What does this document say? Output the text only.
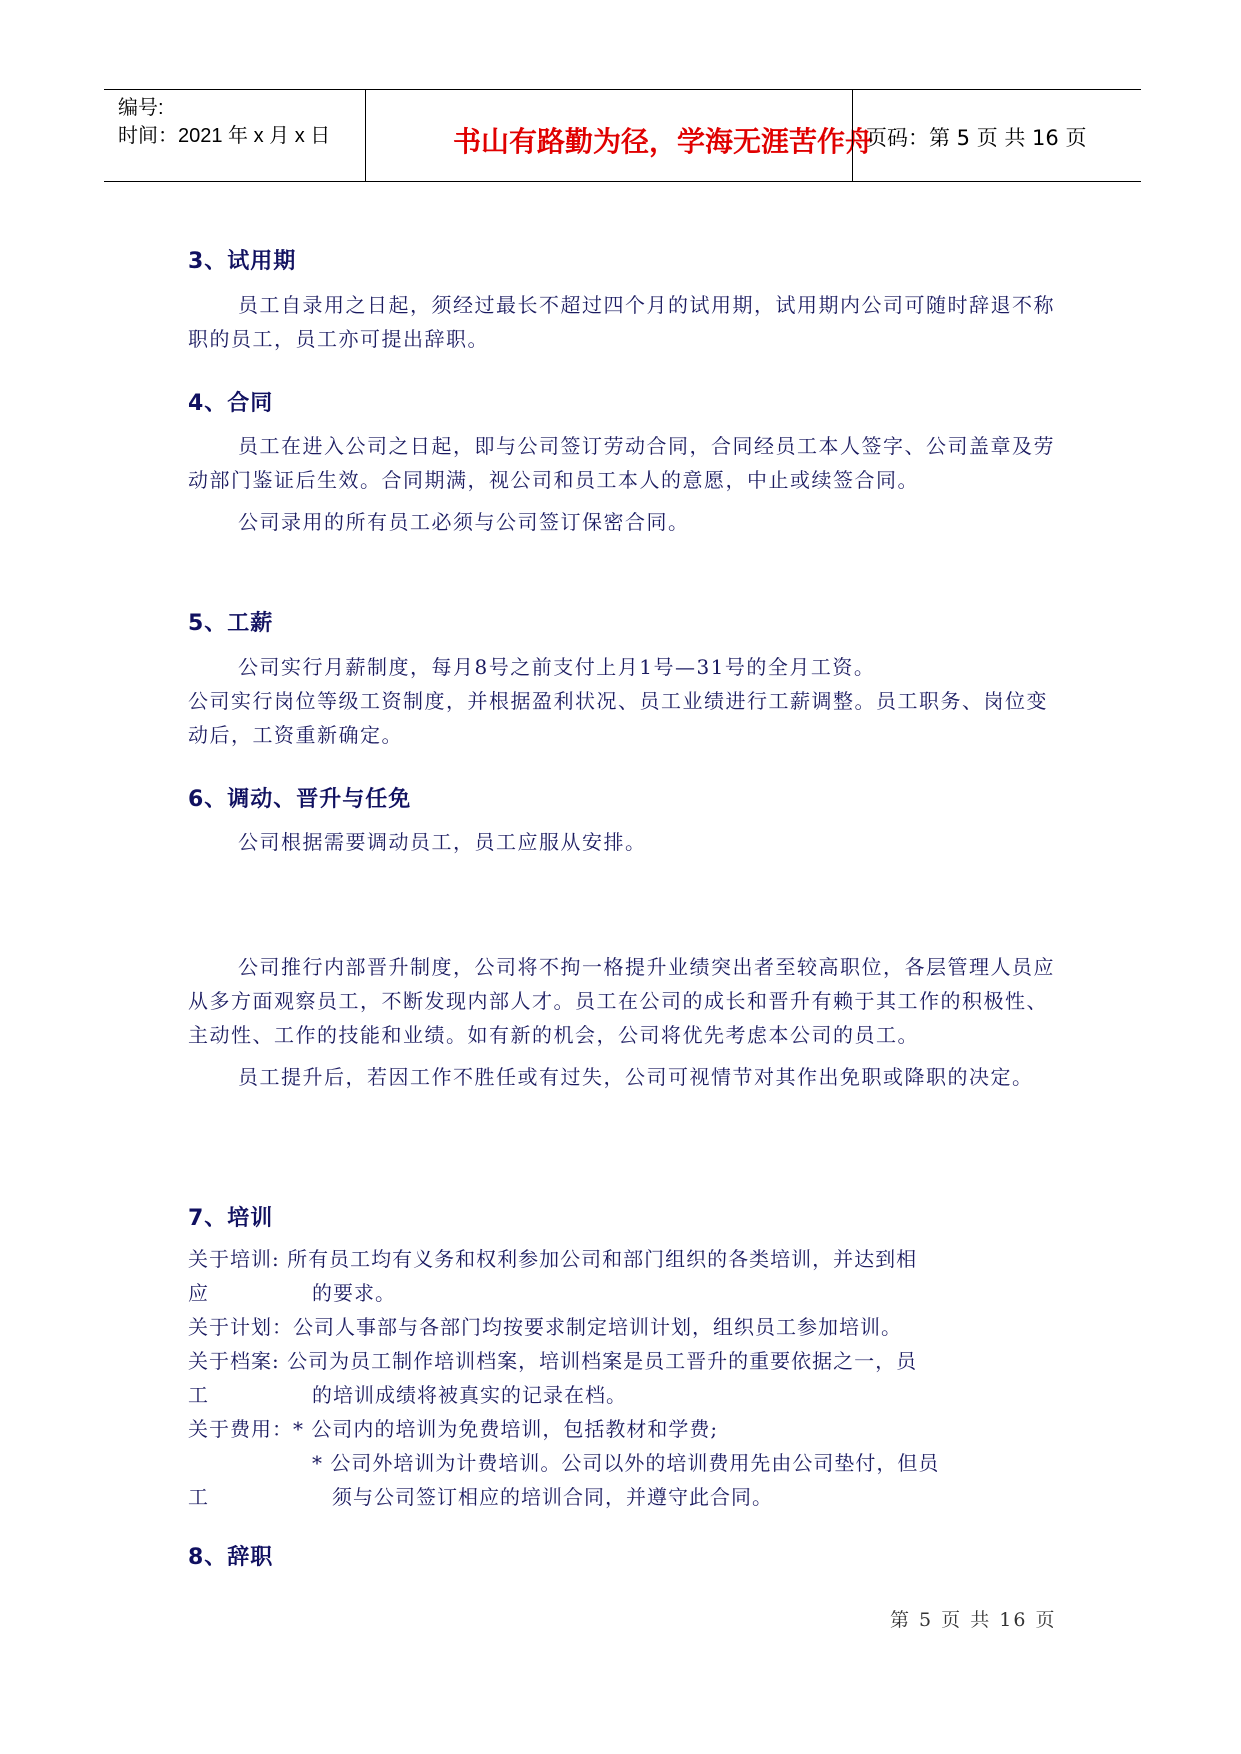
编号:
时间：2021 年 x 月 x 日	书山有路勤为径，学海无涯苦作舟
页码：第 5 页 共 16 页
3、试用期

员工自录用之日起，须经过最长不超过四个月的试用期，试用期内公司可随时辞退不称职的员工，员工亦可提出辞职。

4、合同

员工在进入公司之日起，即与公司签订劳动合同，合同经员工本人签字、公司盖章及劳动部门鉴证后生效。合同期满，视公司和员工本人的意愿，中止或续签合同。

公司录用的所有员工必须与公司签订保密合同。

5、工薪

公司实行月薪制度，每月8号之前支付上月1号—31号的全月工资。

公司实行岗位等级工资制度，并根据盈利状况、员工业绩进行工薪调整。员工职务、岗位变动后，工资重新确定。

6、调动、晋升与任免

公司根据需要调动员工，员工应服从安排。

公司推行内部晋升制度，公司将不拘一格提升业绩突出者至较高职位，各层管理人员应从多方面观察员工，不断发现内部人才。员工在公司的成长和晋升有赖于其工作的积极性、主动性、工作的技能和业绩。如有新的机会，公司将优先考虑本公司的员工。

员工提升后，若因工作不胜任或有过失，公司可视情节对其作出免职或降职的决定。

7、培训
关于培训: 所有员工均有义务和权利参加公司和部门组织的各类培训，并达到相
应	的要求。
关于计划：公司人事部与各部门均按要求制定培训计划，组织员工参加培训。
关于档案: 公司为员工制作培训档案，培训档案是员工晋升的重要依据之一，员
工	的培训成绩将被真实的记录在档。
关于费用：* 公司内的培训为免费培训，包括教材和学费;
* 公司外培训为计费培训。公司以外的培训费用先由公司垫付，但员
工	须与公司签订相应的培训合同，并遵守此合同。
8、辞职
第 5 页 共 16 页
